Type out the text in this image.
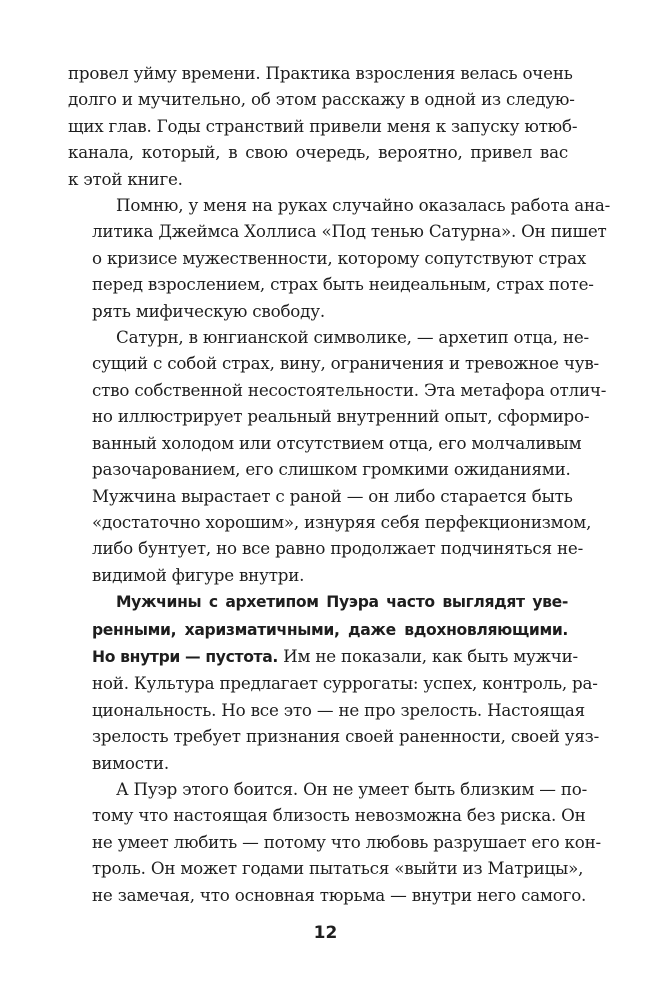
провел уйму времени. Практика взросления велась очень
долго и мучительно, об этом расскажу в одной из следую-
щих глав. Годы странствий привели меня к запуску ютюб-
канала, который, в свою очередь, вероятно, привел вас
к этой книге.
Помню, у меня на руках случайно оказалась работа ана-
литика Джеймса Холлиса «Под тенью Сатурна». Он пишет
о кризисе мужественности, которому сопутствуют страх
перед взрослением, страх быть неидеальным, страх поте-
рять мифическую свободу.
Сатурн, в юнгианской символике, — архетип отца, не-
сущий с собой страх, вину, ограничения и тревожное чув-
ство собственной несостоятельности. Эта метафора отлич-
но иллюстрирует реальный внутренний опыт, сформиро-
ванный холодом или отсутствием отца, его молчаливым
разочарованием, его слишком громкими ожиданиями.
Мужчина вырастает с раной — он либо старается быть
«достаточно хорошим», изнуряя себя перфекционизмом,
либо бунтует, но все равно продолжает подчиняться не-
видимой фигуре внутри.
Мужчины с архетипом Пуэра часто выглядят уве-
ренными, харизматичными, даже вдохновляющими.
Но внутри — пустота. Им не показали, как быть мужчи-
ной. Культура предлагает суррогаты: успех, контроль, ра-
циональность. Но все это — не про зрелость. Настоящая
зрелость требует признания своей раненности, своей уяз-
вимости.
А Пуэр этого боится. Он не умеет быть близким — по-
тому что настоящая близость невозможна без риска. Он
не умеет любить — потому что любовь разрушает его кон-
троль. Он может годами пытаться «выйти из Матрицы»,
не замечая, что основная тюрьма — внутри него самого.
12
